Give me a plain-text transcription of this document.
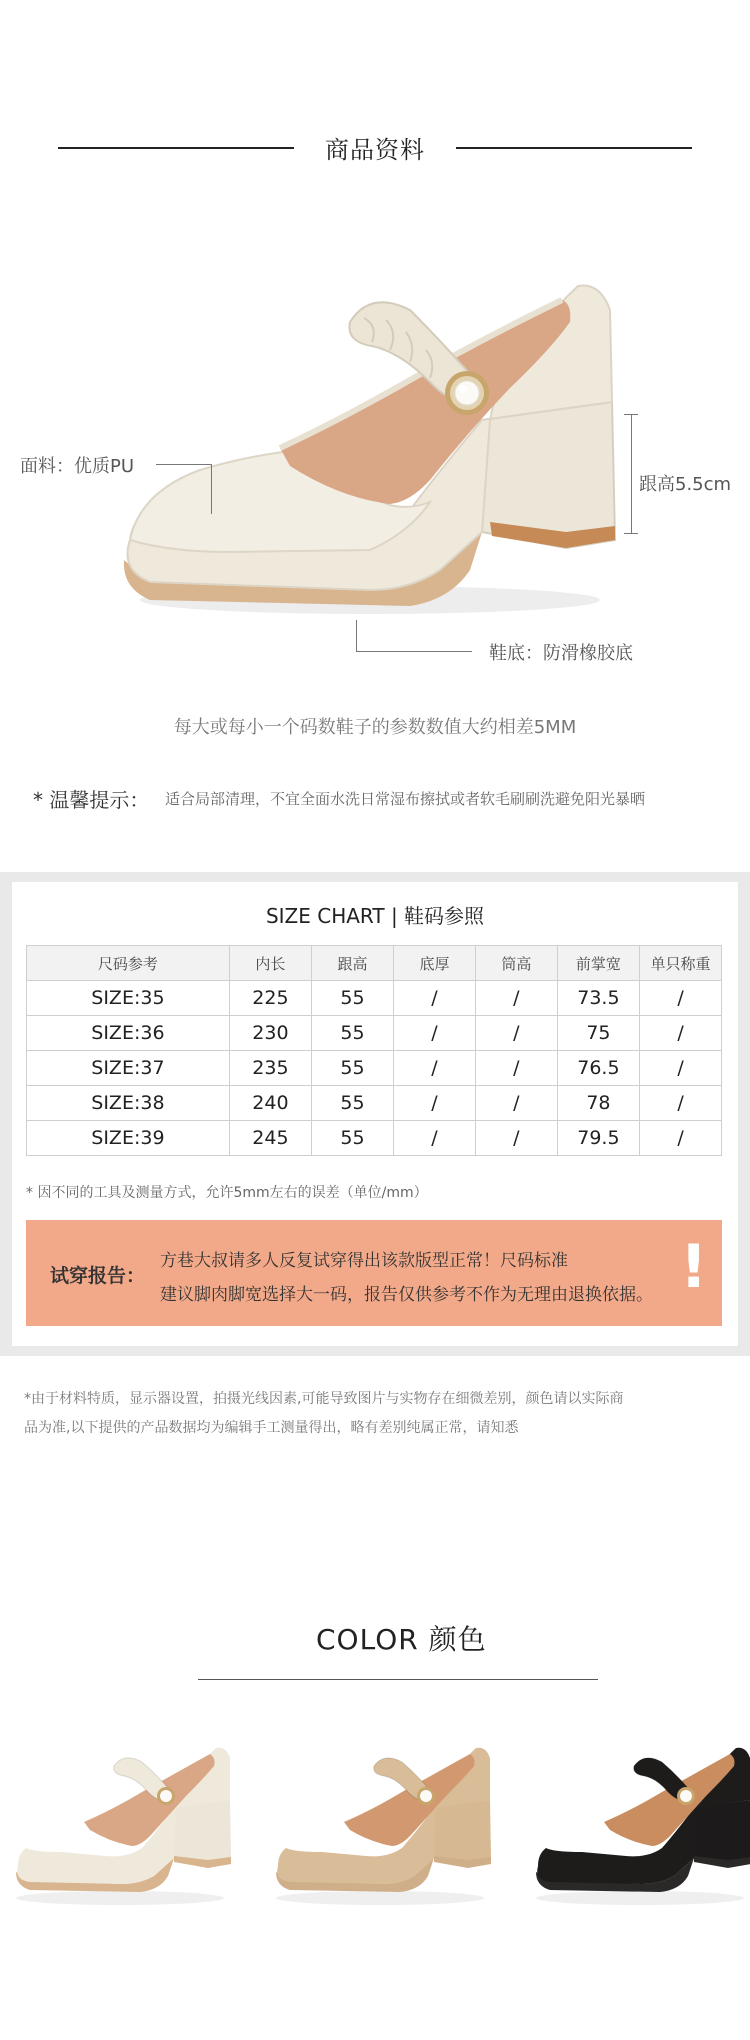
商品资料
面料：优质PU
跟高5.5cm
鞋底：防滑橡胶底
每大或每小一个码数鞋子的参数数值大约相差5MM
* 温馨提示： 适合局部清理，不宜全面水洗日常湿布擦拭或者软毛刷刷洗避免阳光暴晒
SIZE CHART | 鞋码参照
尺码参考	内长	跟高	底厚	筒高	前掌宽	单只称重
SIZE:35	225	55	/	/	73.5	/
SIZE:36	230	55	/	/	75	/
SIZE:37	235	55	/	/	76.5	/
SIZE:38	240	55	/	/	78	/
SIZE:39	245	55	/	/	79.5	/
* 因不同的工具及测量方式，允许5mm左右的误差（单位/mm）
试穿报告：
方巷大叔请多人反复试穿得出该款版型正常！尺码标准
建议脚肉脚宽选择大一码，报告仅供参考不作为无理由退换依据。 !
*由于材料特质，显示器设置，拍摄光线因素,可能导致图片与实物存在细微差别，颜色请以实际商
品为准,以下提供的产品数据均为编辑手工测量得出，略有差别纯属正常，请知悉
COLOR 颜色
